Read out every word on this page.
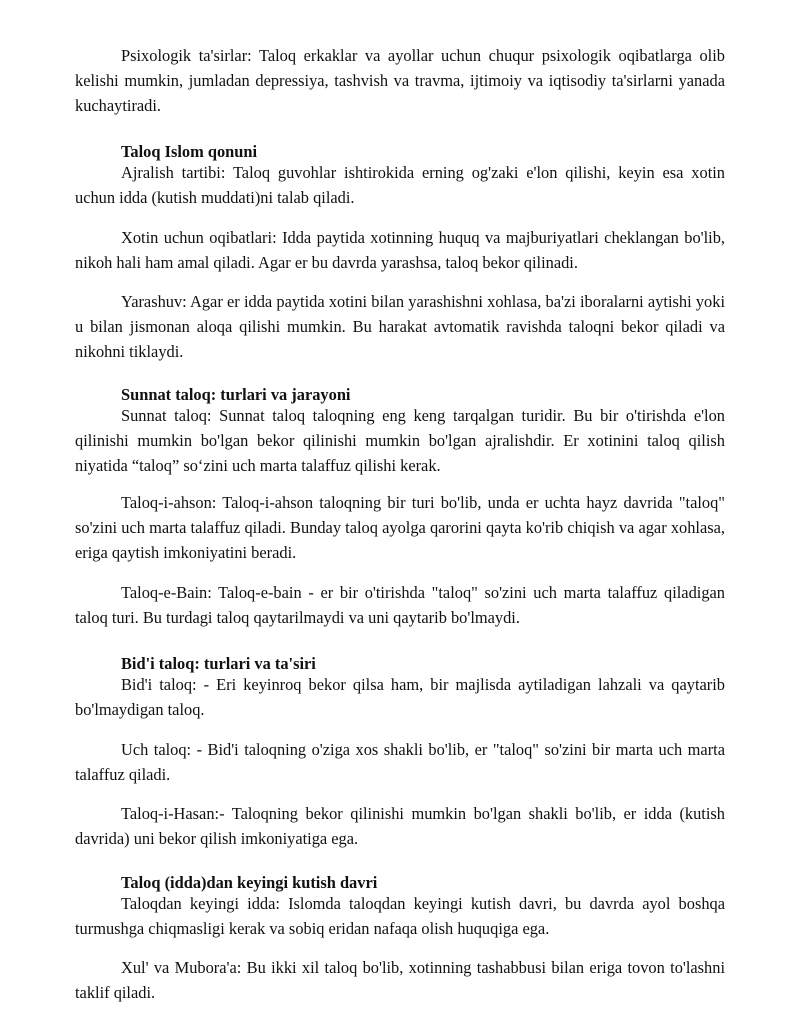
Psixologik ta'sirlar: Taloq erkaklar va ayollar uchun chuqur psixologik oqibatlarga olib kelishi mumkin, jumladan depressiya, tashvish va travma, ijtimoiy va iqtisodiy ta'sirlarni yanada kuchaytiradi.

Taloq Islom qonuni

Ajralish tartibi: Taloq guvohlar ishtirokida erning og'zaki e'lon qilishi, keyin esa xotin uchun idda (kutish muddati)ni talab qiladi.

Xotin uchun oqibatlari: Idda paytida xotinning huquq va majburiyatlari cheklangan bo'lib, nikoh hali ham amal qiladi. Agar er bu davrda yarashsa, taloq bekor qilinadi.

Yarashuv: Agar er idda paytida xotini bilan yarashishni xohlasa, ba'zi iboralarni aytishi yoki u bilan jismonan aloqa qilishi mumkin. Bu harakat avtomatik ravishda taloqni bekor qiladi va nikohni tiklaydi.

Sunnat taloq: turlari va jarayoni

Sunnat taloq: Sunnat taloq taloqning eng keng tarqalgan turidir. Bu bir o'tirishda e'lon qilinishi mumkin bo'lgan bekor qilinishi mumkin bo'lgan ajralishdir. Er xotinini taloq qilish niyatida “taloq” so‘zini uch marta talaffuz qilishi kerak.

Taloq-i-ahson: Taloq-i-ahson taloqning bir turi bo'lib, unda er uchta hayz davrida "taloq" so'zini uch marta talaffuz qiladi. Bunday taloq ayolga qarorini qayta ko'rib chiqish va agar xohlasa, eriga qaytish imkoniyatini beradi.

Taloq-e-Bain: Taloq-e-bain - er bir o'tirishda "taloq" so'zini uch marta talaffuz qiladigan taloq turi. Bu turdagi taloq qaytarilmaydi va uni qaytarib bo'lmaydi.

Bid'i taloq: turlari va ta'siri

Bid'i taloq: - Eri keyinroq bekor qilsa ham, bir majlisda aytiladigan lahzali va qaytarib bo'lmaydigan taloq.

Uch taloq: - Bid'i taloqning o'ziga xos shakli bo'lib, er "taloq" so'zini bir marta uch marta talaffuz qiladi.

Taloq-i-Hasan:- Taloqning bekor qilinishi mumkin bo'lgan shakli bo'lib, er idda (kutish davrida) uni bekor qilish imkoniyatiga ega.

Taloq (idda)dan keyingi kutish davri

Taloqdan keyingi idda: Islomda taloqdan keyingi kutish davri, bu davrda ayol boshqa turmushga chiqmasligi kerak va sobiq eridan nafaqa olish huquqiga ega.

Xul' va Mubora'a: Bu ikki xil taloq bo'lib, xotinning tashabbusi bilan eriga tovon to'lashni taklif qiladi.
